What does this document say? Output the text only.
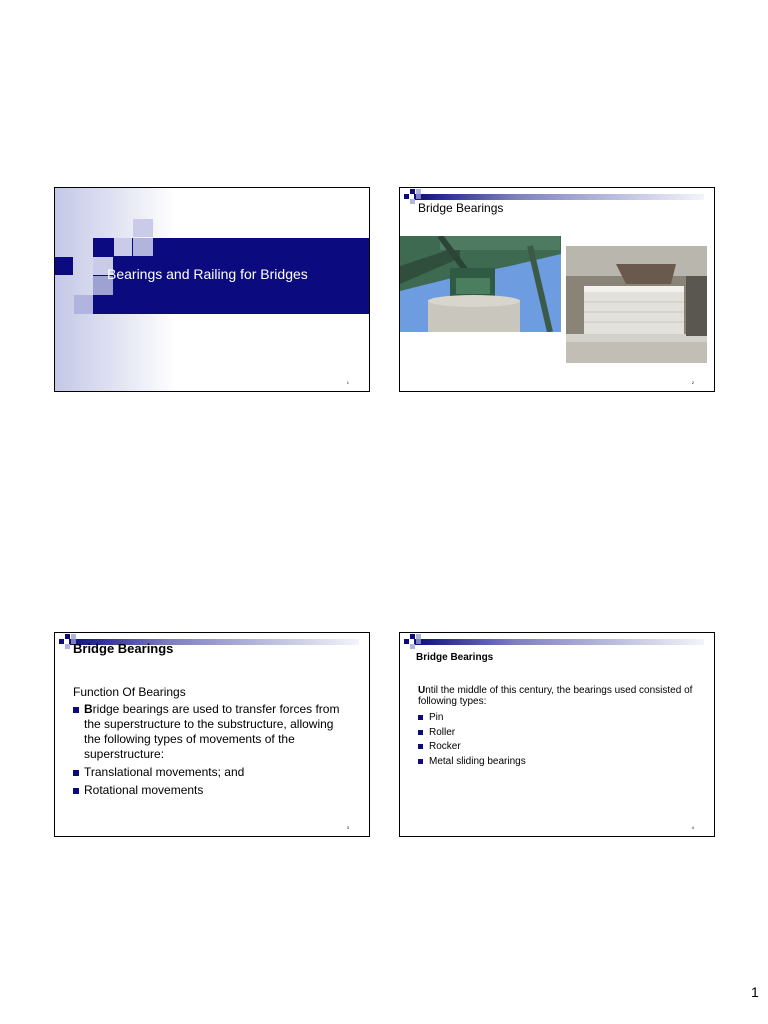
Bearings and Railing for Bridges
1
Bridge Bearings
2
Bridge Bearings
Function Of Bearings
Bridge bearings are used to transfer forces from the superstructure to the substructure, allowing the following types of movements of the superstructure:
Translational movements; and
Rotational movements
3
Bridge Bearings
Until the middle of this century, the bearings used consisted of following types:
Pin
Roller
Rocker
Metal sliding bearings
4
1
